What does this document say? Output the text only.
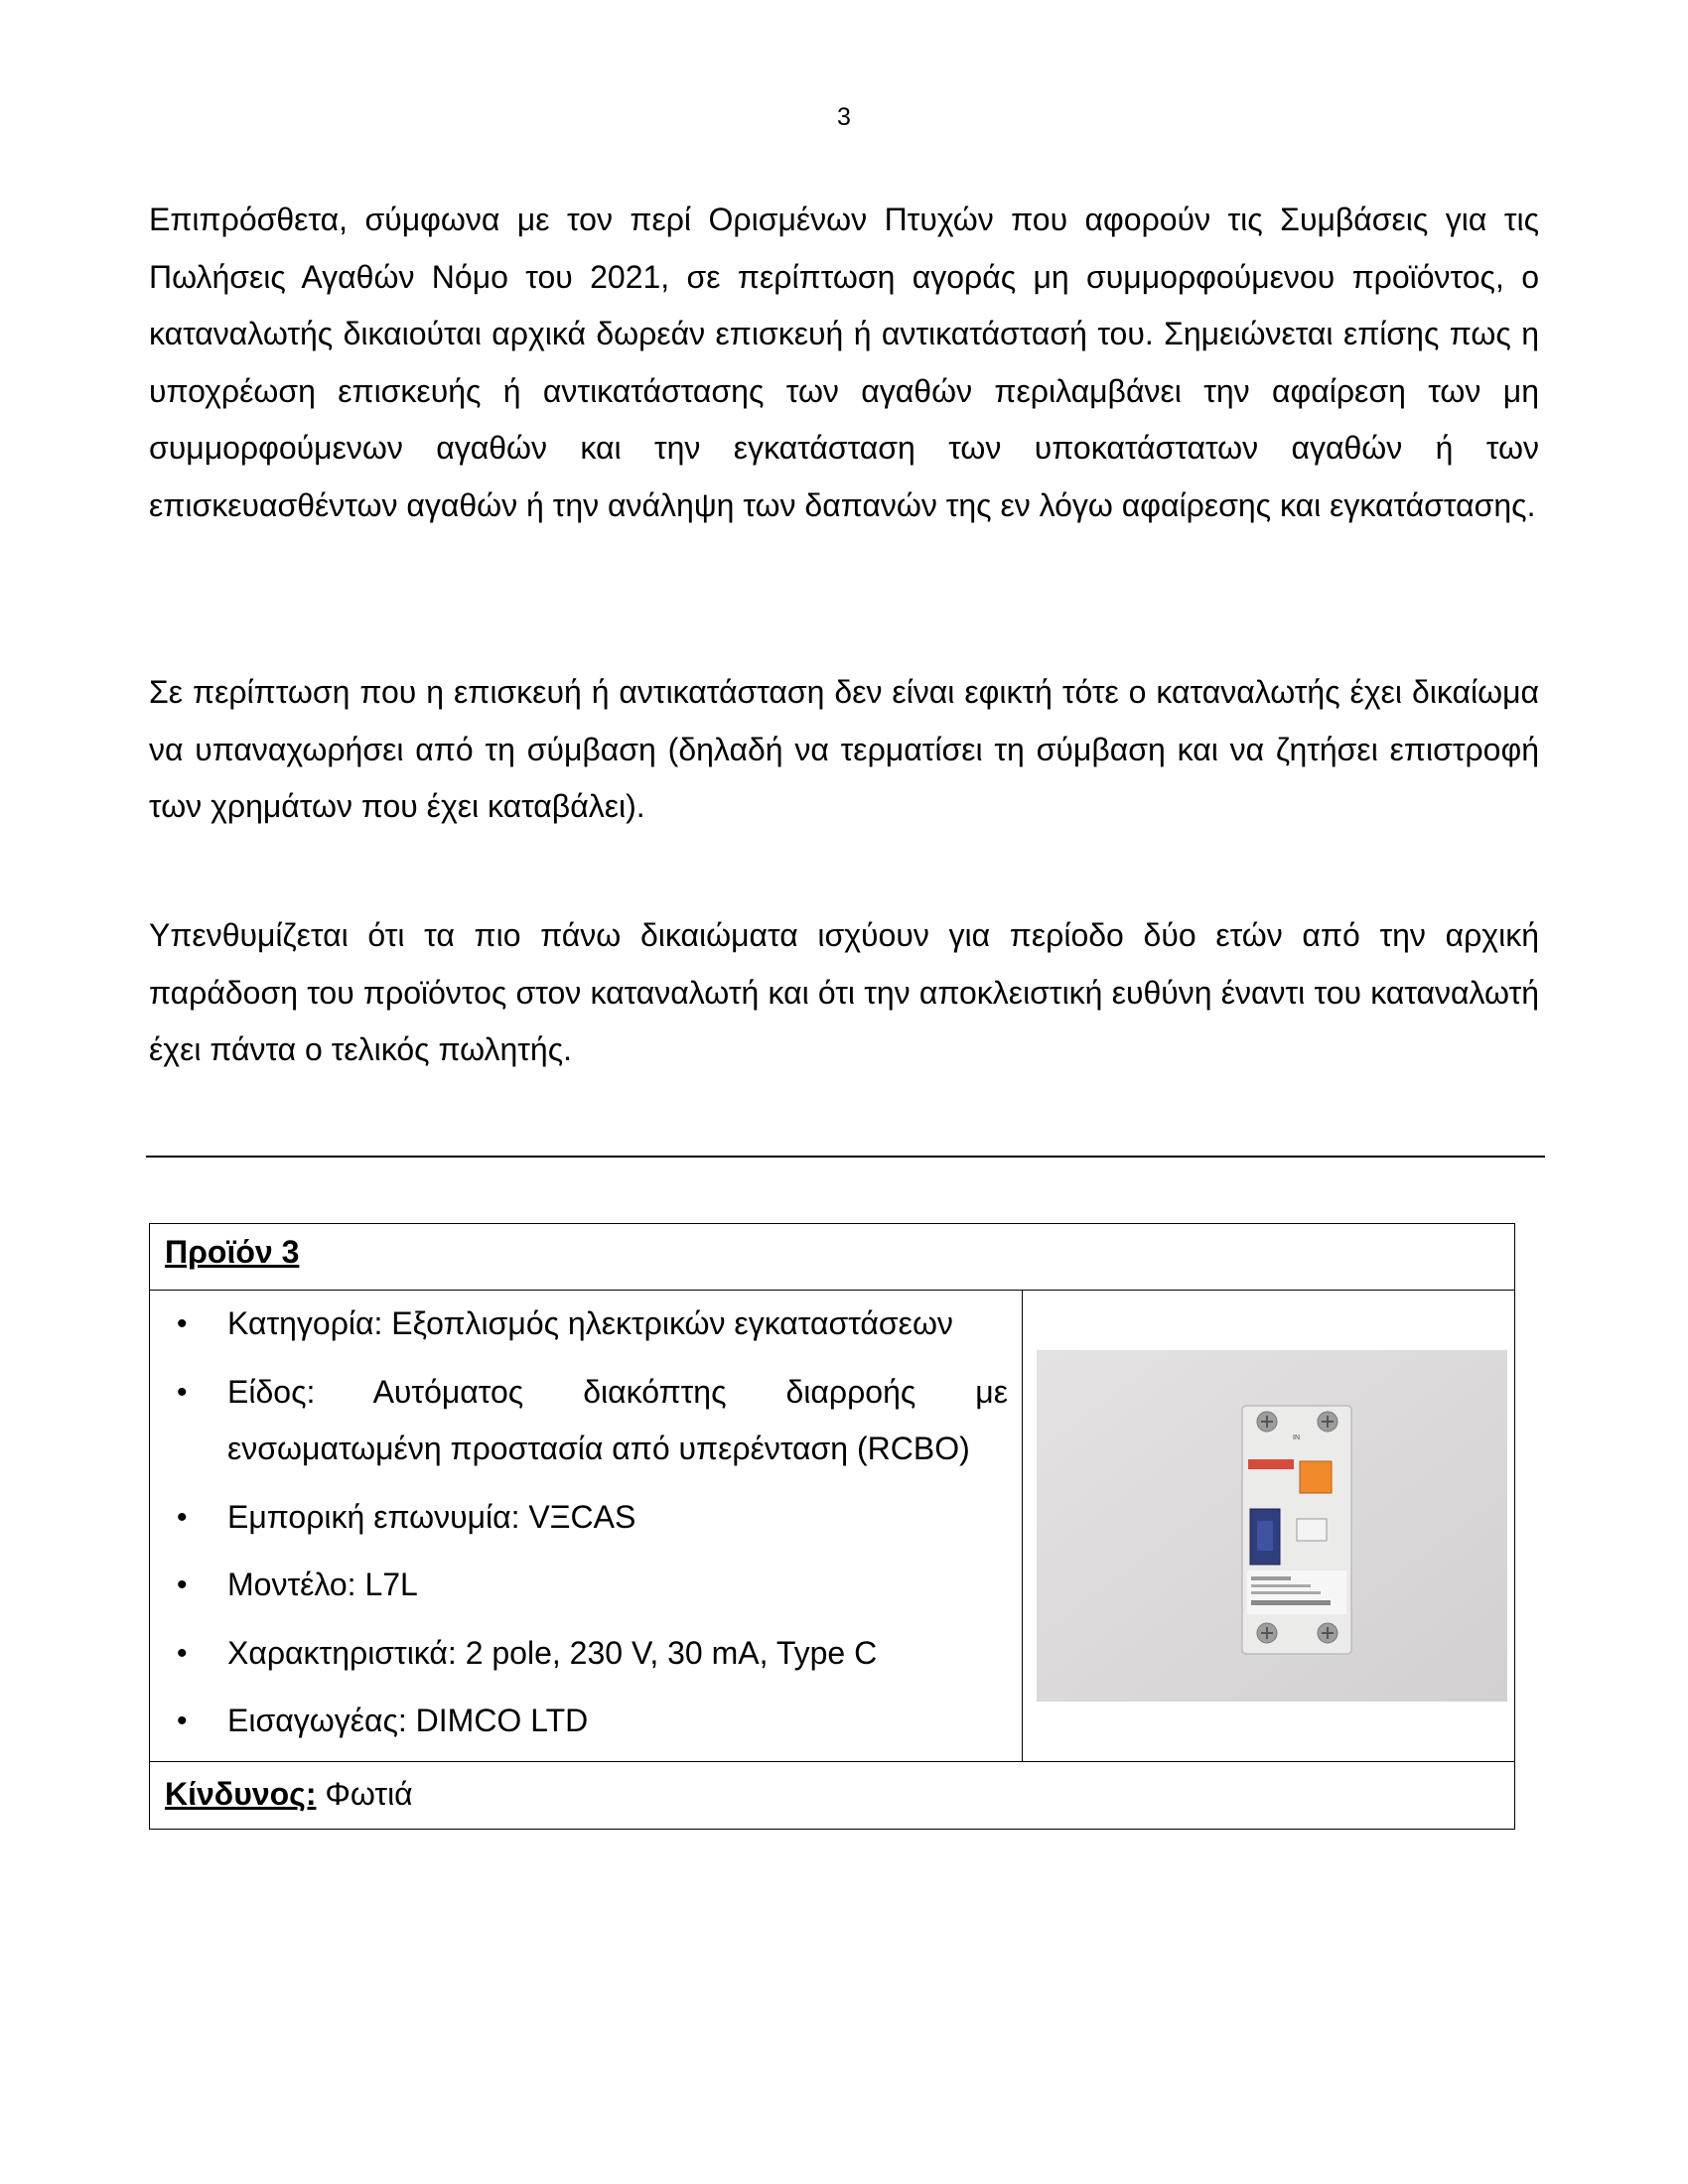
3

Επιπρόσθετα, σύμφωνα με τον περί Ορισμένων Πτυχών που αφορούν τις Συμβάσεις για τις Πωλήσεις Αγαθών Νόμο του 2021, σε περίπτωση αγοράς μη συμμορφούμενου προϊόντος, ο καταναλωτής δικαιούται αρχικά δωρεάν επισκευή ή αντικατάστασή του. Σημειώνεται επίσης πως η υποχρέωση επισκευής ή αντικατάστασης των αγαθών περιλαμβάνει την αφαίρεση των μη συμμορφούμενων αγαθών και την εγκατάσταση των υποκατάστατων αγαθών ή των επισκευασθέντων αγαθών ή την ανάληψη των δαπανών της εν λόγω αφαίρεσης και εγκατάστασης.

Σε περίπτωση που η επισκευή ή αντικατάσταση δεν είναι εφικτή τότε ο καταναλωτής έχει δικαίωμα να υπαναχωρήσει από τη σύμβαση (δηλαδή να τερματίσει τη σύμβαση και να ζητήσει επιστροφή των χρημάτων που έχει καταβάλει).

Υπενθυμίζεται ότι τα πιο πάνω δικαιώματα ισχύουν για περίοδο δύο ετών από την αρχική παράδοση του προϊόντος στον καταναλωτή και ότι την αποκλειστική ευθύνη έναντι του καταναλωτή έχει πάντα ο τελικός πωλητής.

Προϊόν 3

• Κατηγορία: Εξοπλισμός ηλεκτρικών εγκαταστάσεων
• Είδος: Αυτόματος διακόπτης διαρροής με ενσωματωμένη προστασία από υπερένταση (RCBO)
• Εμπορική επωνυμία: VΞCAS
• Μοντέλο: L7L
• Χαρακτηριστικά: 2 pole, 230 V, 30 mA, Type C
• Εισαγωγέας: DIMCO LTD

IN

Κίνδυνος: Φωτιά
